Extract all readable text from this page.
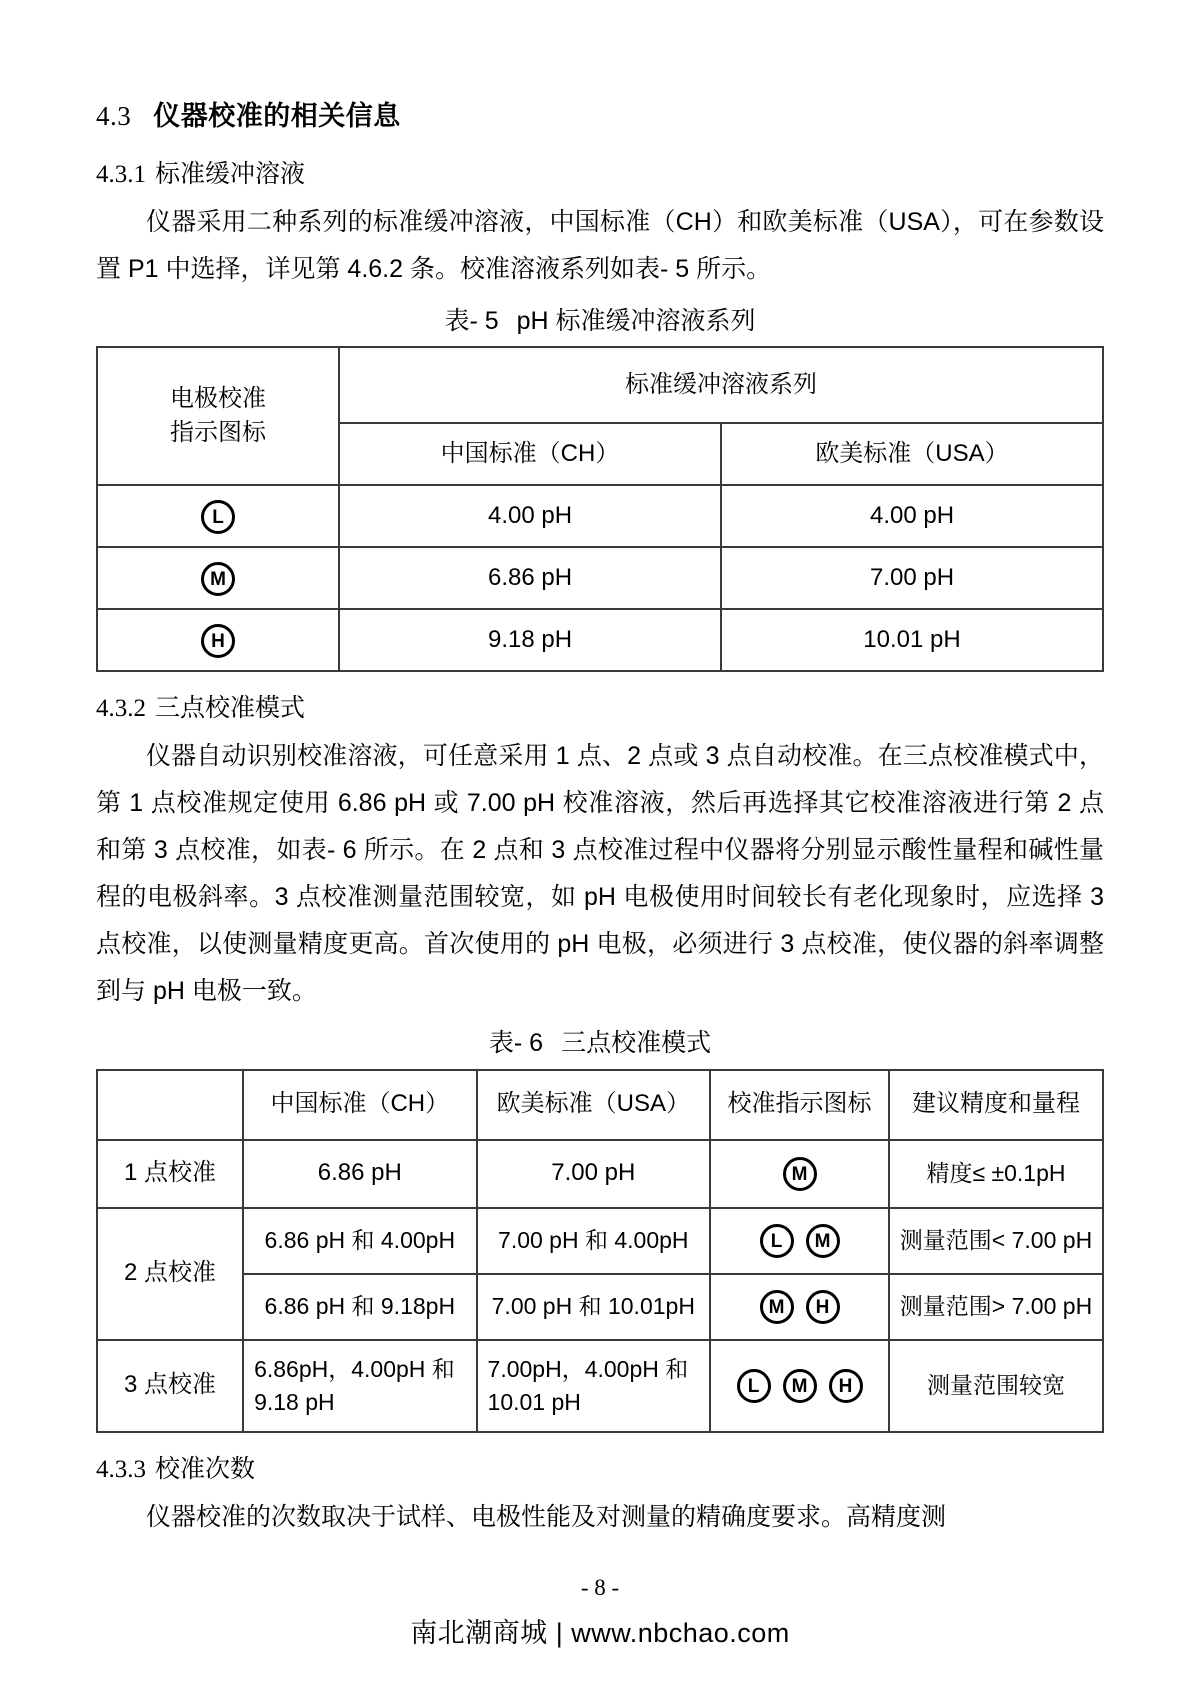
4.3 仪器校准的相关信息
4.3.1 标准缓冲溶液

仪器采用二种系列的标准缓冲溶液，中国标准（CH）和欧美标准（USA），可在参数设置 P1 中选择，详见第 4.6.2 条。校准溶液系列如表- 5 所示。

表- 5 pH 标准缓冲溶液系列
电极校准
指示图标	标准缓冲溶液系列	
	中国标准（CH）	欧美标准（USA）
L	4.00 pH	4.00 pH
M	6.86 pH	7.00 pH
H	9.18 pH	10.01 pH
4.3.2 三点校准模式

仪器自动识别校准溶液，可任意采用 1 点、2 点或 3 点自动校准。在三点校准模式中，第 1 点校准规定使用 6.86 pH 或 7.00 pH 校准溶液，然后再选择其它校准溶液进行第 2 点和第 3 点校准，如表- 6 所示。在 2 点和 3 点校准过程中仪器将分别显示酸性量程和碱性量程的电极斜率。3 点校准测量范围较宽，如 pH 电极使用时间较长有老化现象时，应选择 3 点校准，以使测量精度更高。首次使用的 pH 电极，必须进行 3 点校准，使仪器的斜率调整到与 pH 电极一致。

表- 6 三点校准模式
	中国标准（CH）	欧美标准（USA）	校准指示图标	建议精度和量程
1 点校准	6.86 pH	7.00 pH	M	精度≤ ±0.1pH
2 点校准	6.86 pH 和 4.00pH	7.00 pH 和 4.00pH	L M	测量范围< 7.00 pH
	6.86 pH 和 9.18pH	7.00 pH 和 10.01pH	M H	测量范围> 7.00 pH
3 点校准	6.86pH，4.00pH 和 9.18 pH	7.00pH，4.00pH 和 10.01 pH	L M H	测量范围较宽
4.3.3 校准次数

仪器校准的次数取决于试样、电极性能及对测量的精确度要求。高精度测

- 8 -
南北潮商城 | www.nbchao.com
